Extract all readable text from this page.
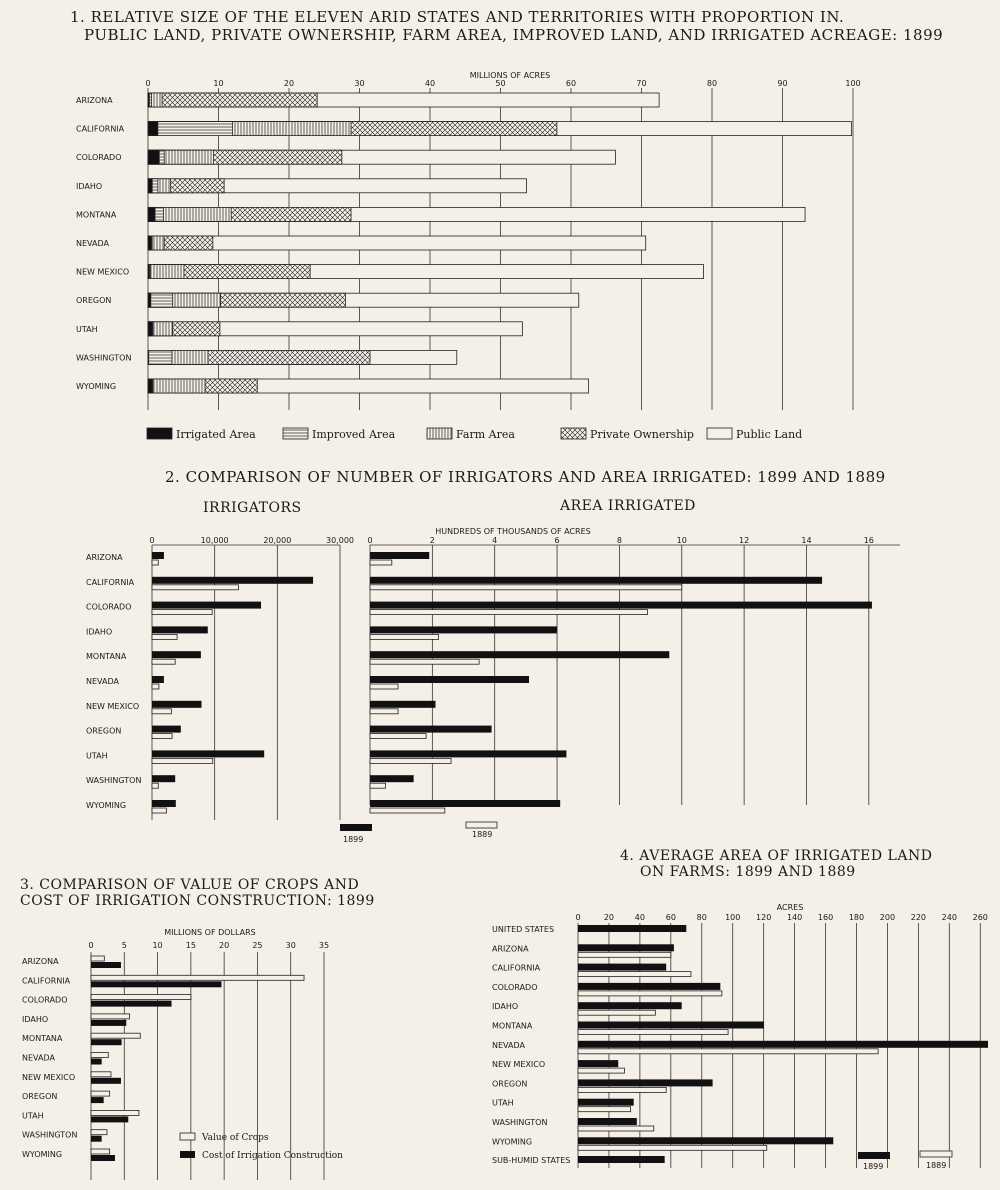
1. RELATIVE SIZE OF THE ELEVEN ARID STATES AND TERRITORIES WITH PROPORTION IN.
PUBLIC LAND, PRIVATE OWNERSHIP, FARM AREA, IMPROVED LAND, AND IRRIGATED ACREAGE: 1899
2. COMPARISON OF NUMBER OF IRRIGATORS AND AREA IRRIGATED: 1899 AND 1889
3. COMPARISON OF VALUE OF CROPS AND
COST OF IRRIGATION CONSTRUCTION: 1899
4. AVERAGE AREA OF IRRIGATED LAND
ON FARMS: 1899 AND 1889
MILLIONS OF ACRES
0	10	20	30	40	50	60	70	80	90	100
ARIZONA
CALIFORNIA
COLORADO
IDAHO
MONTANA
NEVADA
NEW MEXICO
OREGON
UTAH
WASHINGTON
WYOMING
Irrigated Area	Improved Area	Farm Area	Private Ownership	Public Land
ARIZONA
CALIFORNIA
COLORADO
IDAHO
MONTANA
NEVADA
NEW MEXICO
OREGON
UTAH
WASHINGTON
WYOMING
IRRIGATORS
0	10,000	20,000	30,000
AREA IRRIGATED
HUNDREDS OF THOUSANDS OF ACRES
0	2	4	6	8	10	12	14	16
1899
1889
MILLIONS OF DOLLARS
0	5	10	15	20	25	30	35
ARIZONA
CALIFORNIA
COLORADO
IDAHO
MONTANA
NEVADA
NEW MEXICO
OREGON
UTAH
WASHINGTON
WYOMING
Value of Crops
Cost of Irrigation Construction
ACRES
0	20	40	60	80 100 120 140 160 180 200 220 240 260
UNITED STATES
ARIZONA
CALIFORNIA
COLORADO
IDAHO
MONTANA
NEVADA
NEW MEXICO
OREGON
UTAH
WASHINGTON
WYOMING
SUB-HUMID STATES
1899	1889
